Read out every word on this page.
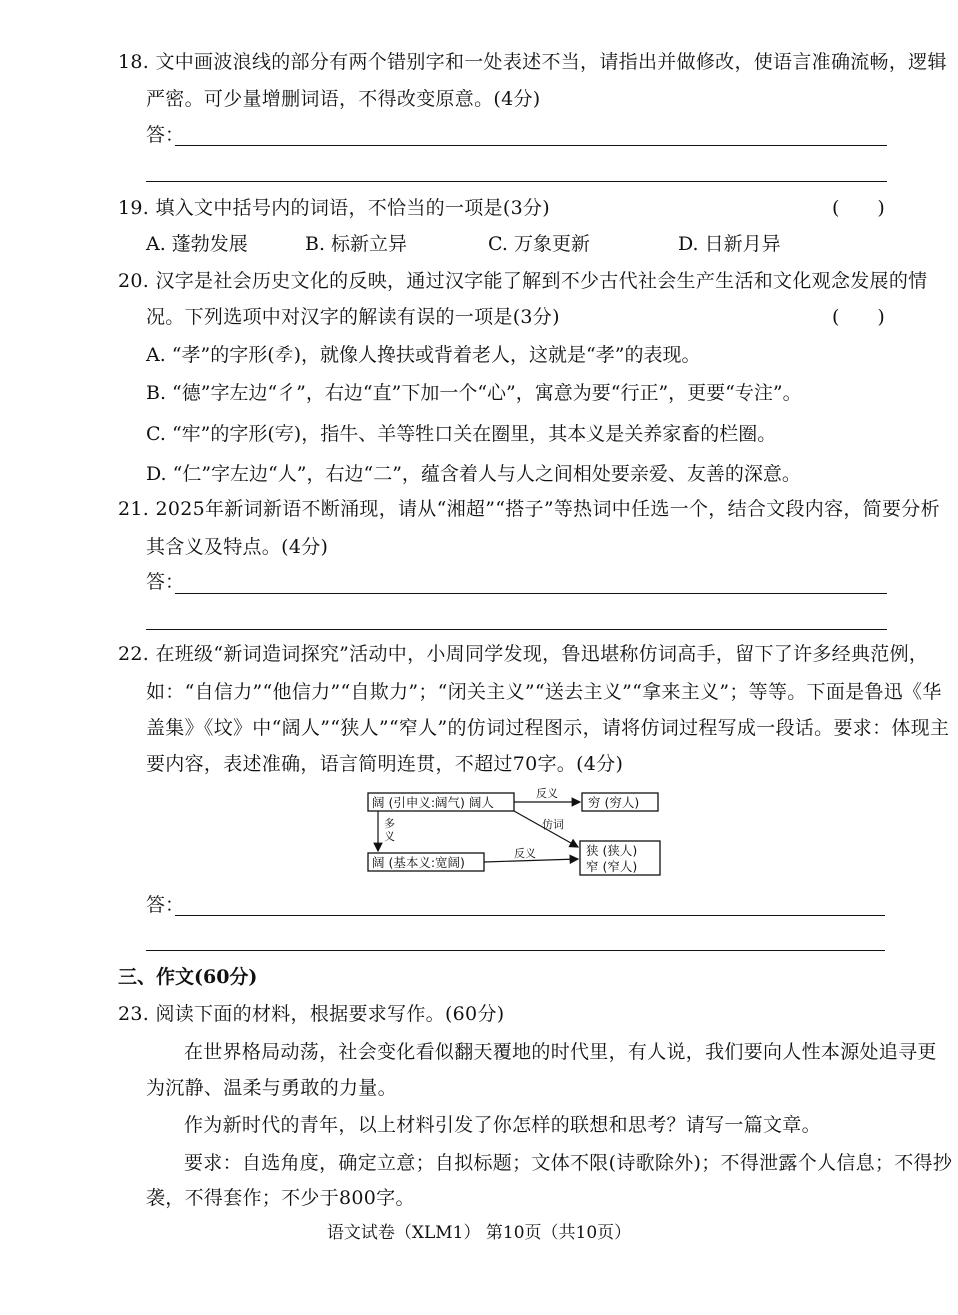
18. 文中画波浪线的部分有两个错别字和一处表述不当，请指出并做修改，使语言准确流畅，逻辑
严密。可少量增删词语，不得改变原意。(4分)
答：
19. 填入文中括号内的词语，不恰当的一项是(3分)	(　　)
A. 蓬勃发展	B. 标新立异	C. 万象更新	D. 日新月异
20. 汉字是社会历史文化的反映，通过汉字能了解到不少古代社会生产生活和文化观念发展的情
况。下列选项中对汉字的解读有误的一项是(3分)	(　　)
A. “孝”的字形(𡥉)，就像人搀扶或背着老人，这就是“孝”的表现。
B. “德”字左边“彳”，右边“直”下加一个“心”，寓意为要“行正”，更要“专注”。
C. “牢”的字形(𡧈)，指牛、羊等牲口关在圈里，其本义是关养家畜的栏圈。
D. “仁”字左边“人”，右边“二”，蕴含着人与人之间相处要亲爱、友善的深意。
21. 2025年新词新语不断涌现，请从“湘超”“搭子”等热词中任选一个，结合文段内容，简要分析
其含义及特点。(4分)
答：
22. 在班级“新词造词探究”活动中，小周同学发现，鲁迅堪称仿词高手，留下了许多经典范例，
如：“自信力”“他信力”“自欺力”；“闭关主义”“送去主义”“拿来主义”；等等。下面是鲁迅《华
盖集》《坟》中“阔人”“狭人”“窄人”的仿词过程图示，请将仿词过程写成一段话。要求：体现主
要内容，表述准确，语言简明连贯，不超过70字。(4分)
阔 (引申义:阔气) 阔人	穷 (穷人)
阔 (基本义:宽阔)
狭 (狭人)
窄 (窄人)
反义
多
义
仿词
反义
答：
三、作文(60分)
23. 阅读下面的材料，根据要求写作。(60分)
在世界格局动荡，社会变化看似翻天覆地的时代里，有人说，我们要向人性本源处追寻更
为沉静、温柔与勇敢的力量。
作为新时代的青年，以上材料引发了你怎样的联想和思考？请写一篇文章。
要求：自选角度，确定立意；自拟标题；文体不限(诗歌除外)；不得泄露个人信息；不得抄
袭，不得套作；不少于800字。
语文试卷（XLM1） 第10页（共10页）
